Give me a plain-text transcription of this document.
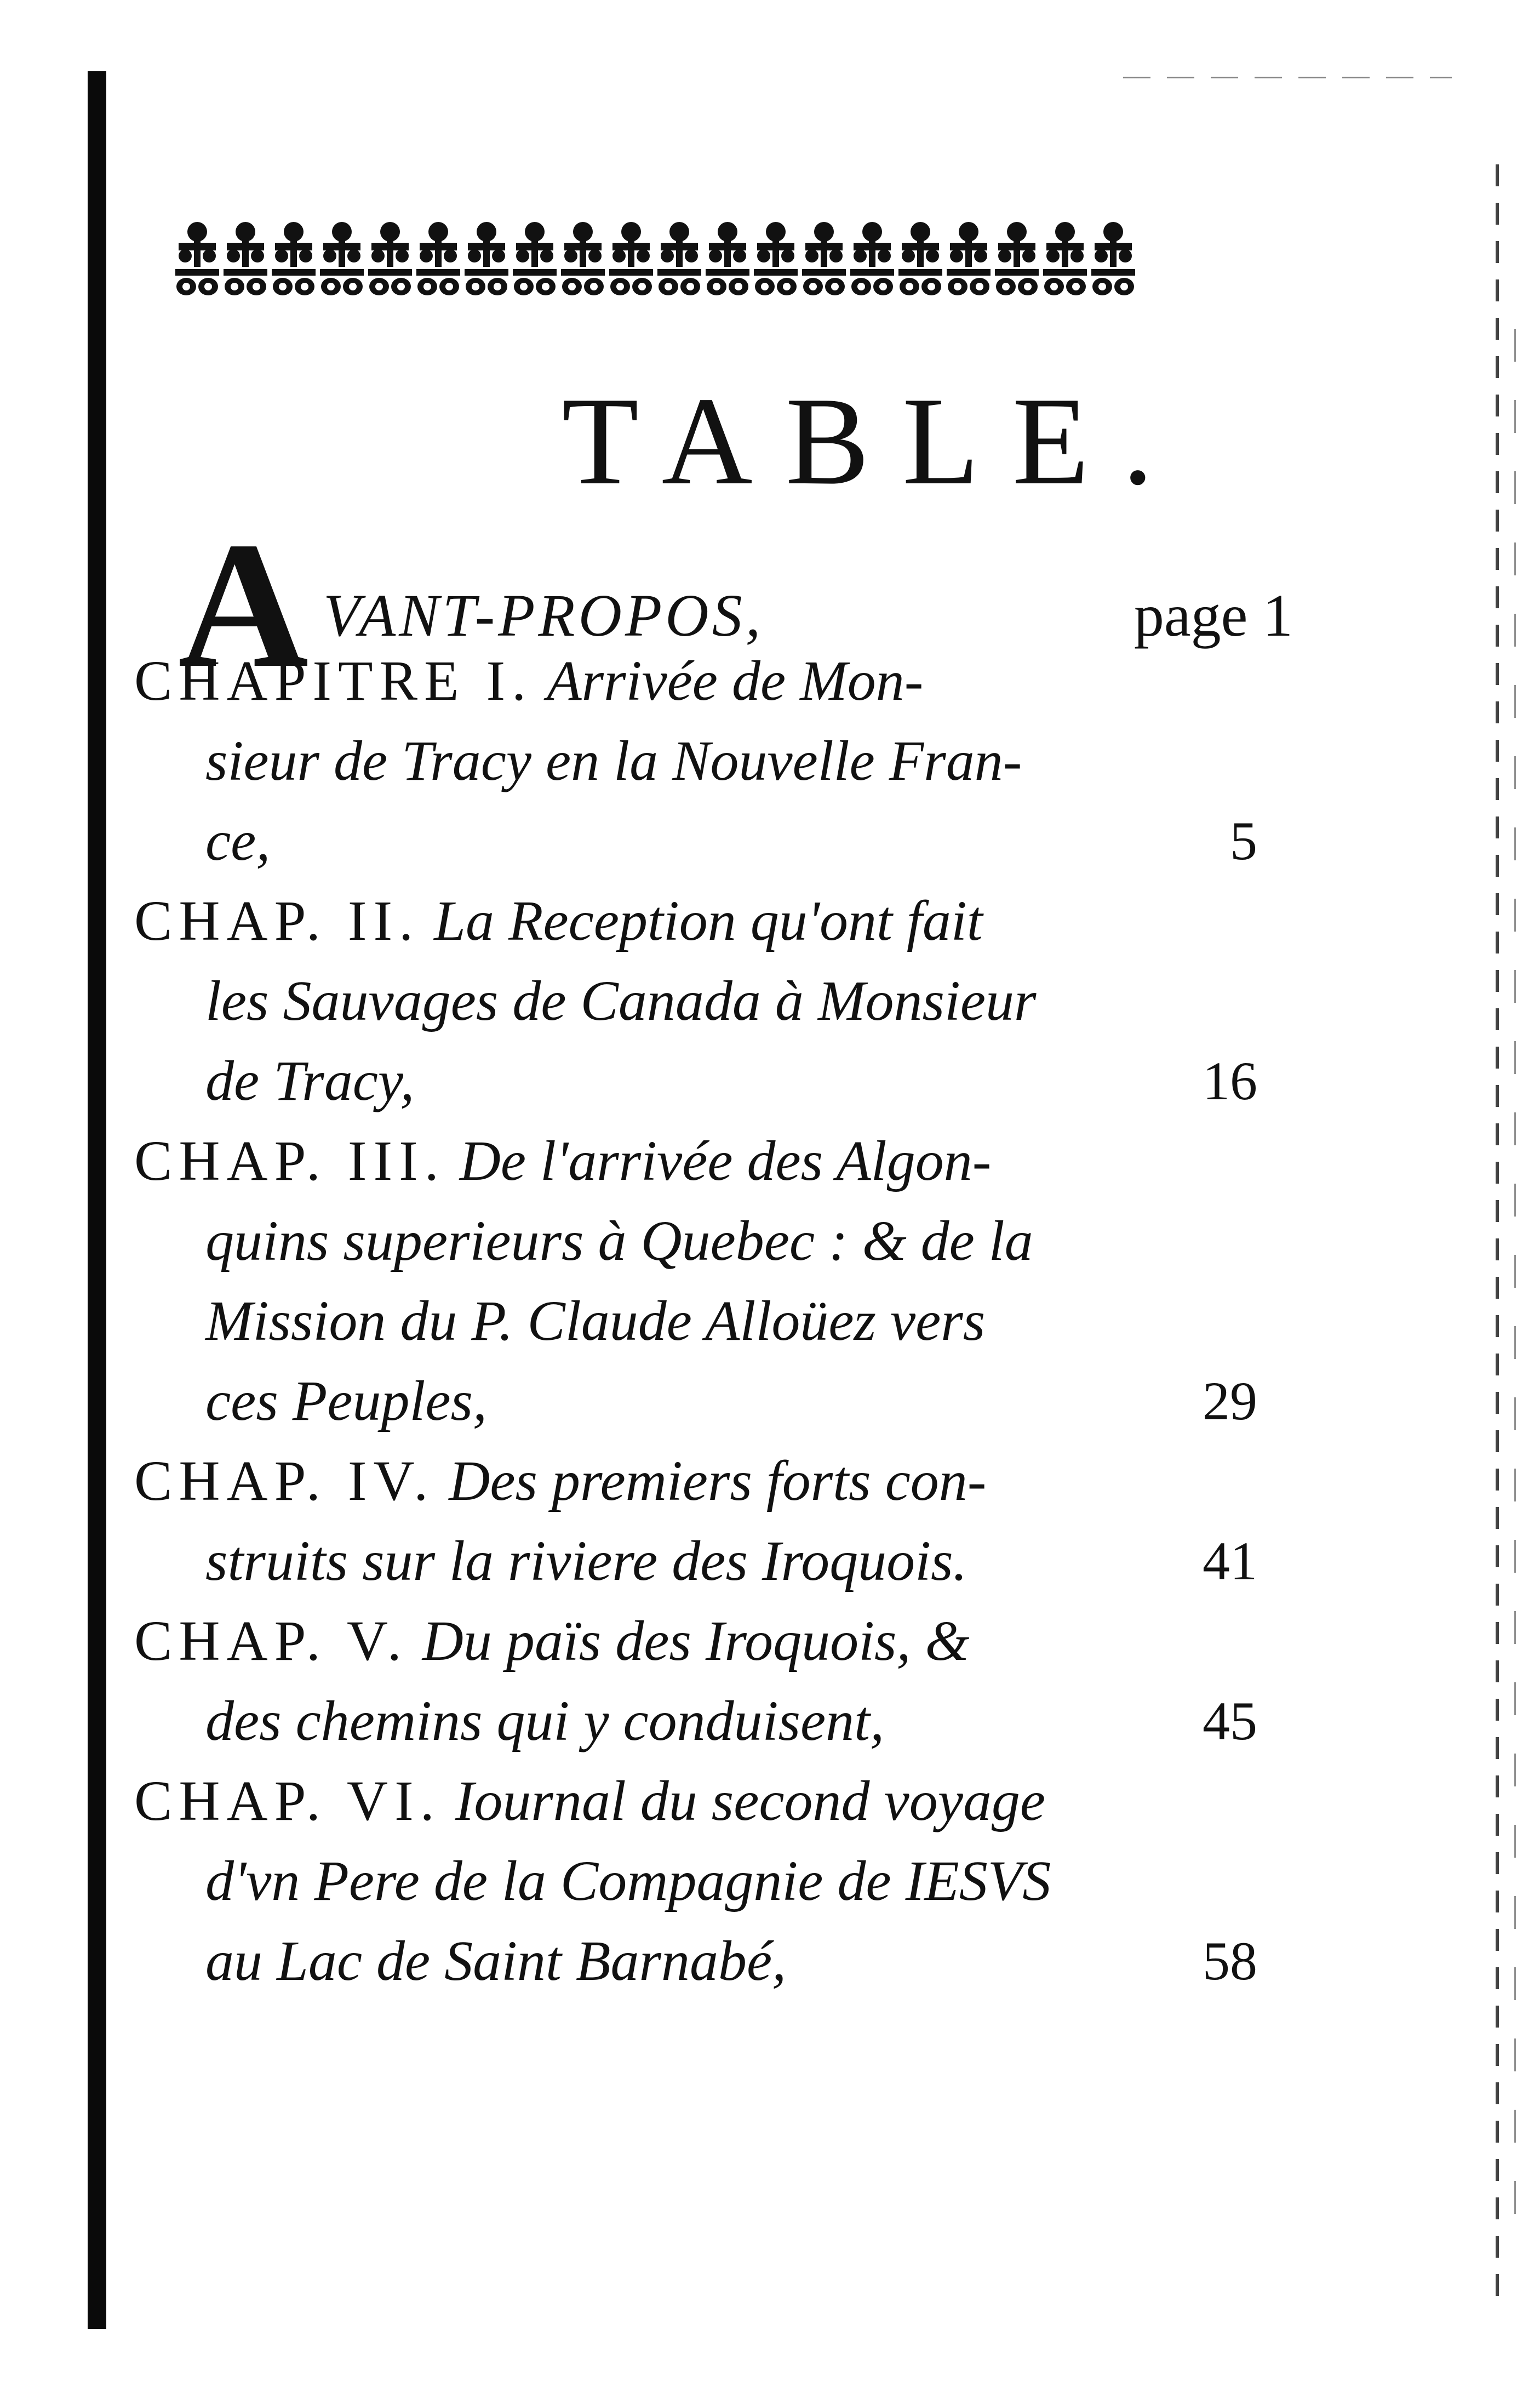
TABLE.
A VANT-PROPOS,	page 1
CHAPITRE I. Arrivée de Mon-
sieur de Tracy en la Nouvelle Fran-
ce,	5
CHAP. II. La Reception qu'ont fait
les Sauvages de Canada à Monsieur
de Tracy,	16
CHAP. III. De l'arrivée des Algon-
quins superieurs à Quebec : & de la
Mission du P. Claude Alloüez vers
ces Peuples,	29
CHAP. IV. Des premiers forts con-
struits sur la riviere des Iroquois.	41
CHAP. V. Du païs des Iroquois, &
des chemins qui y conduisent,	45
CHAP. VI. Iournal du second voyage
d'vn Pere de la Compagnie de IESVS
au Lac de Saint Barnabé,	58
